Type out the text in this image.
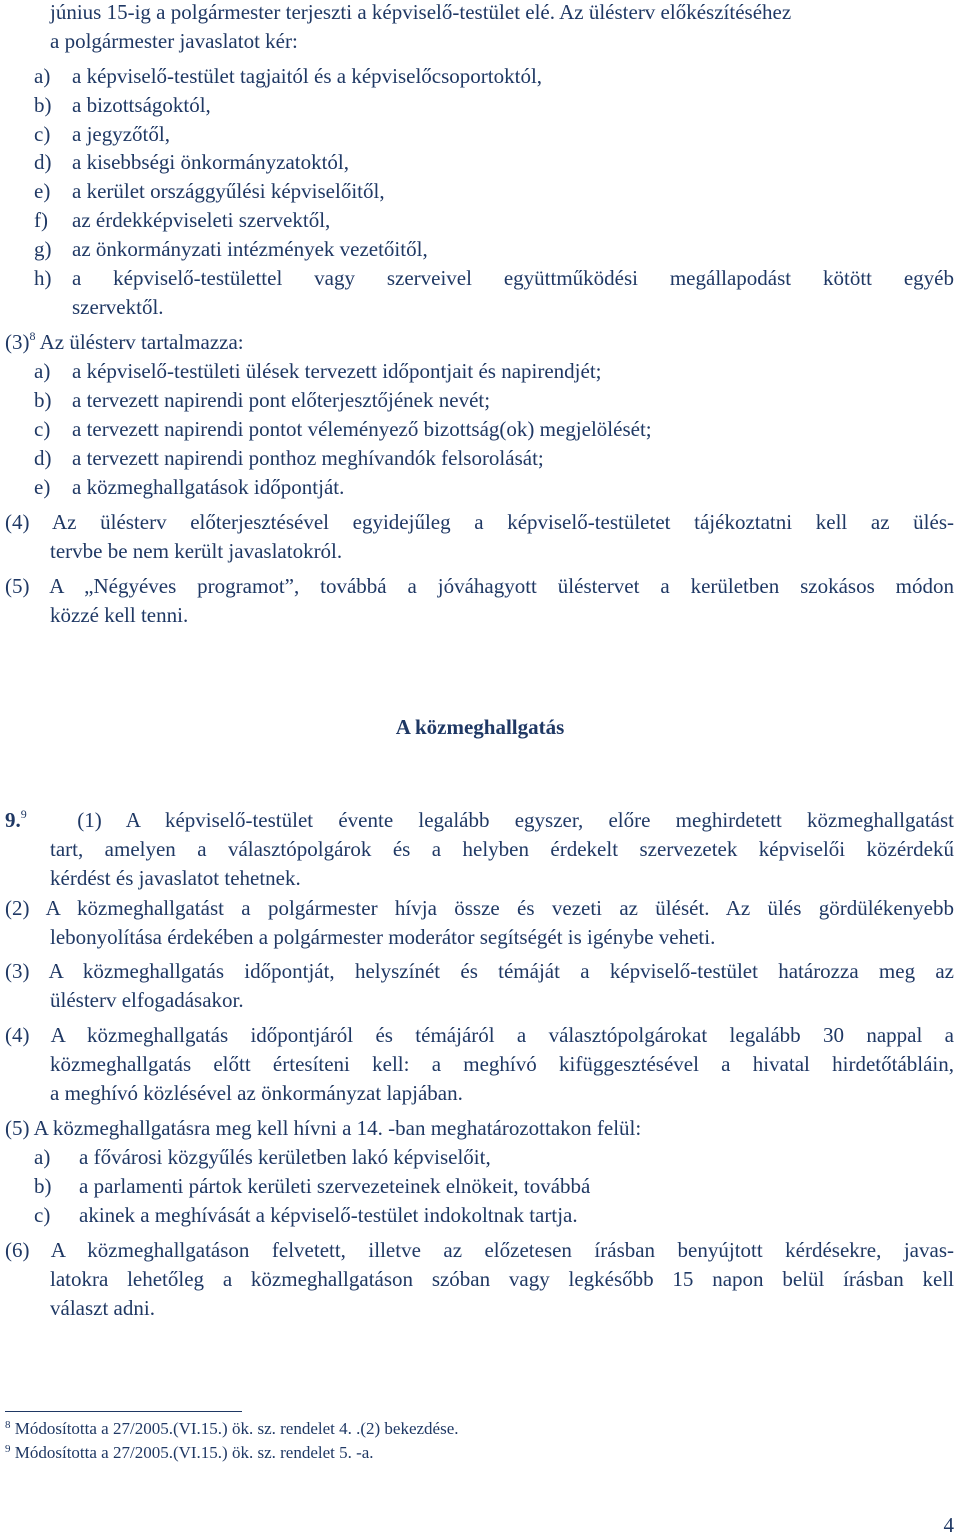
június 15-ig a polgármester terjeszti a képviselő-testület elé. Az ülésterv előkészítéséhez
a polgármester javaslatot kér:
a) a képviselő-testület tagjaitól és a képviselőcsoportoktól,
b) a bizottságoktól,
c) a jegyzőtől,
d) a kisebbségi önkormányzatoktól,
e) a kerület országgyűlési képviselőitől,
f) az érdekképviseleti szervektől,
g) az önkormányzati intézmények vezetőitől,
h) a képviselő-testülettel vagy szerveivel együttműködési megállapodást kötött egyéb
szervektől.
$(3)^8$ Az ülésterv tartalmazza:
a) a képviselő-testületi ülések tervezett időpontjait és napirendjét;
b) a tervezett napirendi pont előterjesztőjének nevét;
c) a tervezett napirendi pontot véleményező bizottság(ok) megjelölését;
d) a tervezett napirendi ponthoz meghívandók felsorolását;
e) a közmeghallgatások időpontját.
(4) Az ülésterv előterjesztésével egyidejűleg a képviselő-testületet tájékoztatni kell az ülés-
tervbe be nem került javaslatokról.
(5) A „Négyéves programot”, továbbá a jóváhagyott üléstervet a kerületben szokásos módon
közzé kell tenni.
A közmeghallgatás
9.$^9$ (1) A képviselő-testület évente legalább egyszer, előre meghirdetett közmeghallgatást
tart, amelyen a választópolgárok és a helyben érdekelt szervezetek képviselői közérdekű
kérdést és javaslatot tehetnek.
(2) A közmeghallgatást a polgármester hívja össze és vezeti az ülését. Az ülés gördülékenyebb
lebonyolítása érdekében a polgármester moderátor segítségét is igénybe veheti.
(3) A közmeghallgatás időpontját, helyszínét és témáját a képviselő-testület határozza meg az
ülésterv elfogadásakor.
(4) A közmeghallgatás időpontjáról és témájáról a választópolgárokat legalább 30 nappal a
közmeghallgatás előtt értesíteni kell: a meghívó kifüggesztésével a hivatal hirdetőtábláin,
a meghívó közlésével az önkormányzat lapjában.
(5) A közmeghallgatásra meg kell hívni a 14. -ban meghatározottakon felül:
a) a fővárosi közgyűlés kerületben lakó képviselőit,
b) a parlamenti pártok kerületi szervezeteinek elnökeit, továbbá
c) akinek a meghívását a képviselő-testület indokoltnak tartja.
(6) A közmeghallgatáson felvetett, illetve az előzetesen írásban benyújtott kérdésekre, javas-
latokra lehetőleg a közmeghallgatáson szóban vagy legkésőbb 15 napon belül írásban kell
választ adni.
$^8$ Módosította a 27/2005.(VI.15.) ök. sz. rendelet 4. .(2) bekezdése.
$^9$ Módosította a 27/2005.(VI.15.) ök. sz. rendelet 5. -a.
4
